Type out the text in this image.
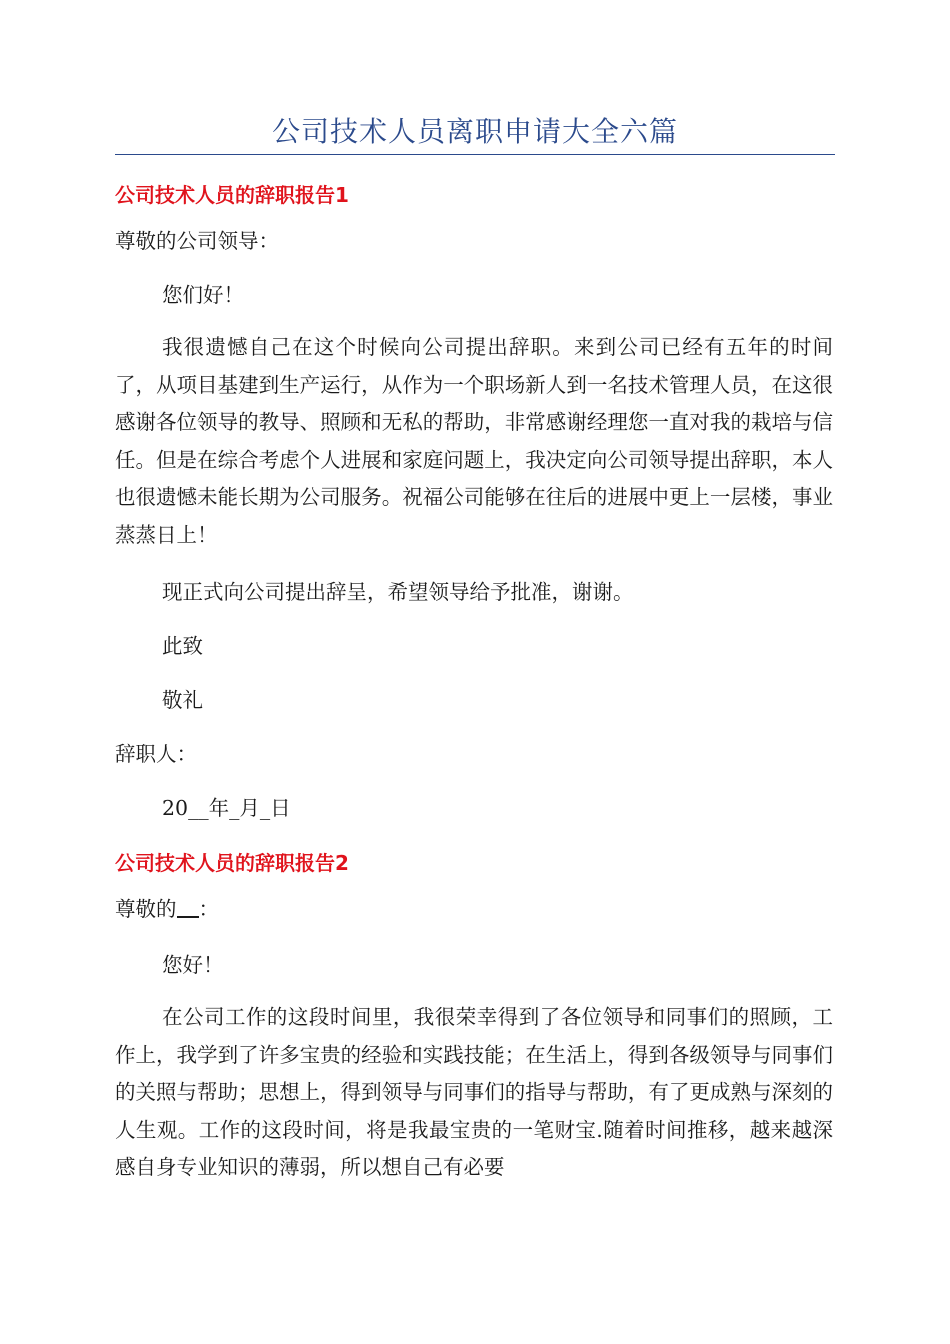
公司技术人员离职申请大全六篇
公司技术人员的辞职报告1
尊敬的公司领导：
您们好！
我很遗憾自己在这个时候向公司提出辞职。来到公司已经有五年的时间了，从项目基建到生产运行，从作为一个职场新人到一名技术管理人员，在这很感谢各位领导的教导、照顾和无私的帮助，非常感谢经理您一直对我的栽培与信任。但是在综合考虑个人进展和家庭问题上，我决定向公司领导提出辞职，本人也很遗憾未能长期为公司服务。祝福公司能够在往后的进展中更上一层楼，事业蒸蒸日上！
现正式向公司提出辞呈，希望领导给予批准，谢谢。
此致
敬礼
辞职人：
20__年_月_日
公司技术人员的辞职报告2
尊敬的 ：
您好！
在公司工作的这段时间里，我很荣幸得到了各位领导和同事们的照顾，工作上，我学到了许多宝贵的经验和实践技能；在生活上，得到各级领导与同事们的关照与帮助；思想上，得到领导与同事们的指导与帮助，有了更成熟与深刻的人生观。工作的这段时间，将是我最宝贵的一笔财宝.随着时间推移，越来越深感自身专业知识的薄弱，所以想自己有必要
